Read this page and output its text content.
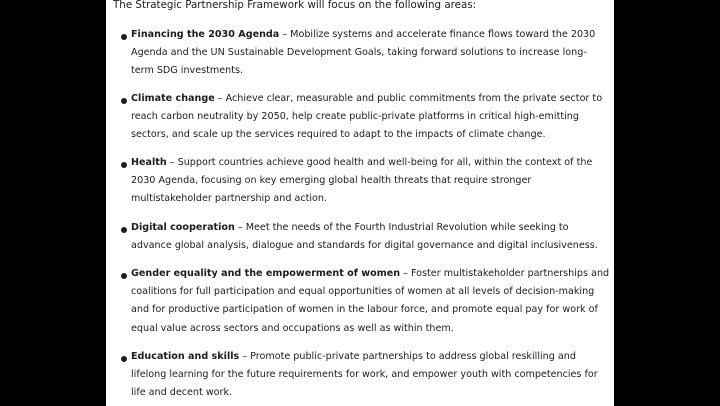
The Strategic Partnership Framework will focus on the following areas:
Financing the 2030 Agenda – Mobilize systems and accelerate finance flows toward the 2030
Agenda and the UN Sustainable Development Goals, taking forward solutions to increase long-
term SDG investments.
Climate change – Achieve clear, measurable and public commitments from the private sector to
reach carbon neutrality by 2050, help create public-private platforms in critical high-emitting
sectors, and scale up the services required to adapt to the impacts of climate change.
Health – Support countries achieve good health and well-being for all, within the context of the
2030 Agenda, focusing on key emerging global health threats that require stronger
multistakeholder partnership and action.
Digital cooperation – Meet the needs of the Fourth Industrial Revolution while seeking to
advance global analysis, dialogue and standards for digital governance and digital inclusiveness.
Gender equality and the empowerment of women – Foster multistakeholder partnerships and
coalitions for full participation and equal opportunities of women at all levels of decision-making
and for productive participation of women in the labour force, and promote equal pay for work of
equal value across sectors and occupations as well as within them.
Education and skills – Promote public-private partnerships to address global reskilling and
lifelong learning for the future requirements for work, and empower youth with competencies for
life and decent work.
